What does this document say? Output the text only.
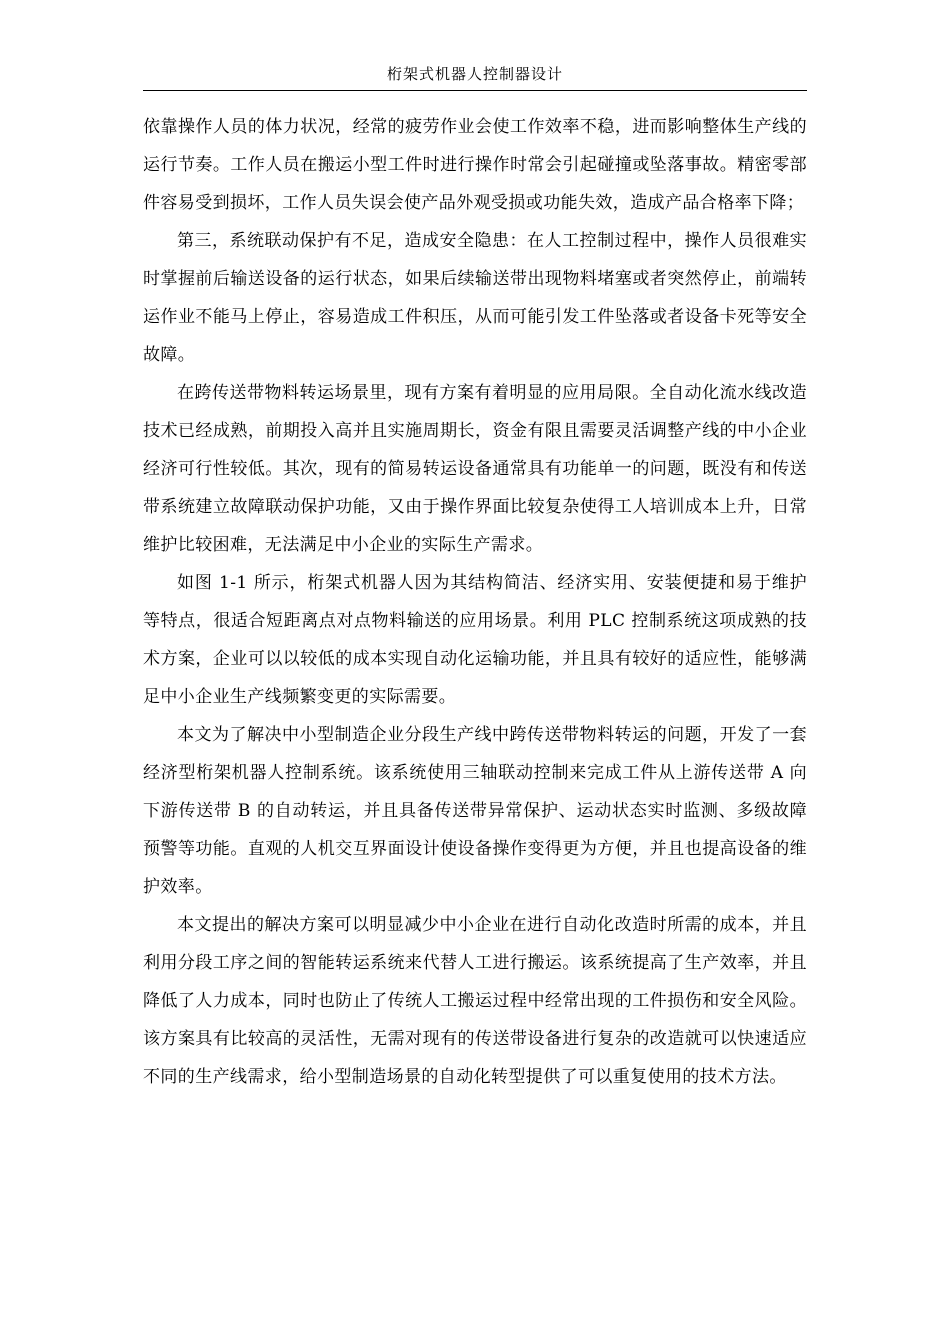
桁架式机器人控制器设计

依靠操作人员的体力状况，经常的疲劳作业会使工作效率不稳，进而影响整体生产线的运行节奏。工作人员在搬运小型工件时进行操作时常会引起碰撞或坠落事故。精密零部件容易受到损坏，工作人员失误会使产品外观受损或功能失效，造成产品合格率下降；

第三，系统联动保护有不足，造成安全隐患：在人工控制过程中，操作人员很难实时掌握前后输送设备的运行状态，如果后续输送带出现物料堵塞或者突然停止，前端转运作业不能马上停止，容易造成工件积压，从而可能引发工件坠落或者设备卡死等安全故障。

在跨传送带物料转运场景里，现有方案有着明显的应用局限。全自动化流水线改造技术已经成熟，前期投入高并且实施周期长，资金有限且需要灵活调整产线的中小企业经济可行性较低。其次，现有的简易转运设备通常具有功能单一的问题，既没有和传送带系统建立故障联动保护功能，又由于操作界面比较复杂使得工人培训成本上升，日常维护比较困难，无法满足中小企业的实际生产需求。

如图 1-1 所示，桁架式机器人因为其结构简洁、经济实用、安装便捷和易于维护等特点，很适合短距离点对点物料输送的应用场景。利用 PLC 控制系统这项成熟的技术方案，企业可以以较低的成本实现自动化运输功能，并且具有较好的适应性，能够满足中小企业生产线频繁变更的实际需要。

本文为了解决中小型制造企业分段生产线中跨传送带物料转运的问题，开发了一套经济型桁架机器人控制系统。该系统使用三轴联动控制来完成工件从上游传送带 A 向下游传送带 B 的自动转运，并且具备传送带异常保护、运动状态实时监测、多级故障预警等功能。直观的人机交互界面设计使设备操作变得更为方便，并且也提高设备的维护效率。

本文提出的解决方案可以明显减少中小企业在进行自动化改造时所需的成本，并且利用分段工序之间的智能转运系统来代替人工进行搬运。该系统提高了生产效率，并且降低了人力成本，同时也防止了传统人工搬运过程中经常出现的工件损伤和安全风险。该方案具有比较高的灵活性，无需对现有的传送带设备进行复杂的改造就可以快速适应不同的生产线需求，给小型制造场景的自动化转型提供了可以重复使用的技术方法。
